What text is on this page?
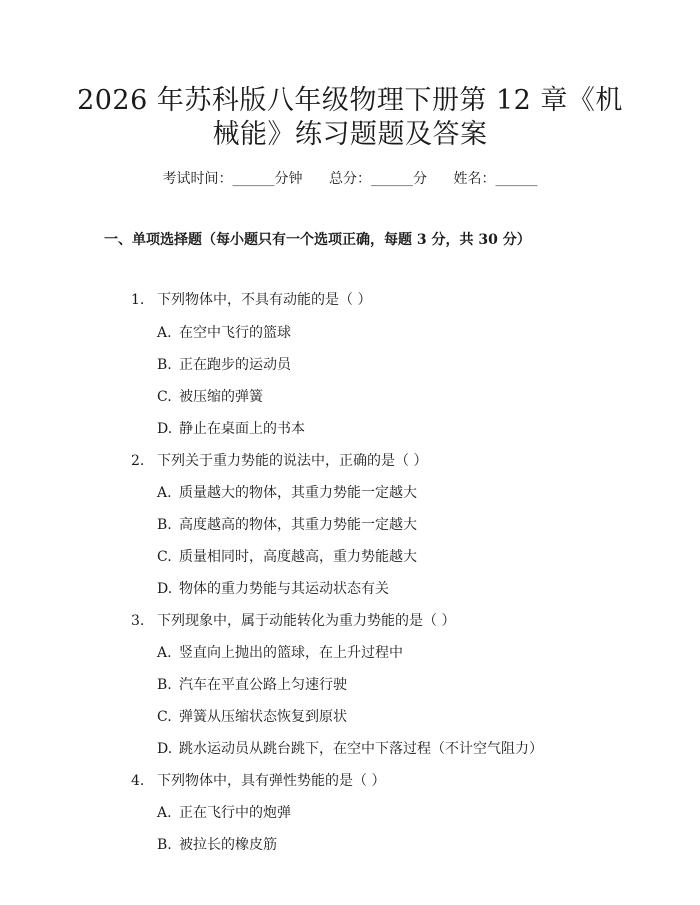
2026 年苏科版八年级物理下册第 12 章《机
械能》练习题题及答案
考试时间：______分钟 总分：______分 姓名：______
一、单项选择题（每小题只有一个选项正确，每题 3 分，共 30 分）
1. 下列物体中，不具有动能的是（ ）
A. 在空中飞行的篮球
B. 正在跑步的运动员
C. 被压缩的弹簧
D. 静止在桌面上的书本
2. 下列关于重力势能的说法中，正确的是（ ）
A. 质量越大的物体，其重力势能一定越大
B. 高度越高的物体，其重力势能一定越大
C. 质量相同时，高度越高，重力势能越大
D. 物体的重力势能与其运动状态有关
3. 下列现象中，属于动能转化为重力势能的是（ ）
A. 竖直向上抛出的篮球，在上升过程中
B. 汽车在平直公路上匀速行驶
C. 弹簧从压缩状态恢复到原状
D. 跳水运动员从跳台跳下，在空中下落过程（不计空气阻力）
4. 下列物体中，具有弹性势能的是（ ）
A. 正在飞行中的炮弹
B. 被拉长的橡皮筋
